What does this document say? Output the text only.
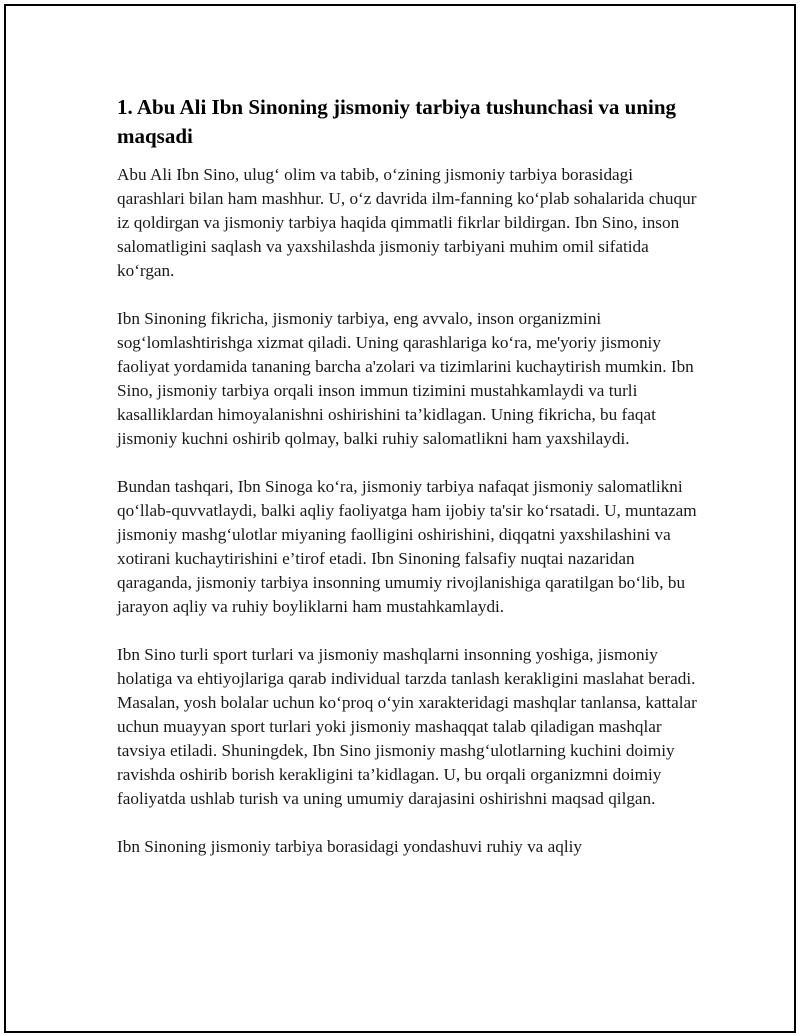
1. Abu Ali Ibn Sinoning jismoniy tarbiya tushunchasi va uning maqsadi

Abu Ali Ibn Sino, ulug‘ olim va tabib, o‘zining jismoniy tarbiya borasidagi qarashlari bilan ham mashhur. U, o‘z davrida ilm-fanning ko‘plab sohalarida chuqur iz qoldirgan va jismoniy tarbiya haqida qimmatli fikrlar bildirgan. Ibn Sino, inson salomatligini saqlash va yaxshilashda jismoniy tarbiyani muhim omil sifatida ko‘rgan.

Ibn Sinoning fikricha, jismoniy tarbiya, eng avvalo, inson organizmini sog‘lomlashtirishga xizmat qiladi. Uning qarashlariga ko‘ra, me'yoriy jismoniy faoliyat yordamida tananing barcha a'zolari va tizimlarini kuchaytirish mumkin. Ibn Sino, jismoniy tarbiya orqali inson immun tizimini mustahkamlaydi va turli kasalliklardan himoyalanishni oshirishini ta’kidlagan. Uning fikricha, bu faqat jismoniy kuchni oshirib qolmay, balki ruhiy salomatlikni ham yaxshilaydi.

Bundan tashqari, Ibn Sinoga ko‘ra, jismoniy tarbiya nafaqat jismoniy salomatlikni qo‘llab-quvvatlaydi, balki aqliy faoliyatga ham ijobiy ta'sir ko‘rsatadi. U, muntazam jismoniy mashg‘ulotlar miyaning faolligini oshirishini, diqqatni yaxshilashini va xotirani kuchaytirishini e’tirof etadi. Ibn Sinoning falsafiy nuqtai nazaridan qaraganda, jismoniy tarbiya insonning umumiy rivojlanishiga qaratilgan bo‘lib, bu jarayon aqliy va ruhiy boyliklarni ham mustahkamlaydi.

Ibn Sino turli sport turlari va jismoniy mashqlarni insonning yoshiga, jismoniy holatiga va ehtiyojlariga qarab individual tarzda tanlash kerakligini maslahat beradi. Masalan, yosh bolalar uchun ko‘proq o‘yin xarakteridagi mashqlar tanlansa, kattalar uchun muayyan sport turlari yoki jismoniy mashaqqat talab qiladigan mashqlar tavsiya etiladi. Shuningdek, Ibn Sino jismoniy mashg‘ulotlarning kuchini doimiy ravishda oshirib borish kerakligini ta’kidlagan. U, bu orqali organizmni doimiy faoliyatda ushlab turish va uning umumiy darajasini oshirishni maqsad qilgan.

Ibn Sinoning jismoniy tarbiya borasidagi yondashuvi ruhiy va aqliy
